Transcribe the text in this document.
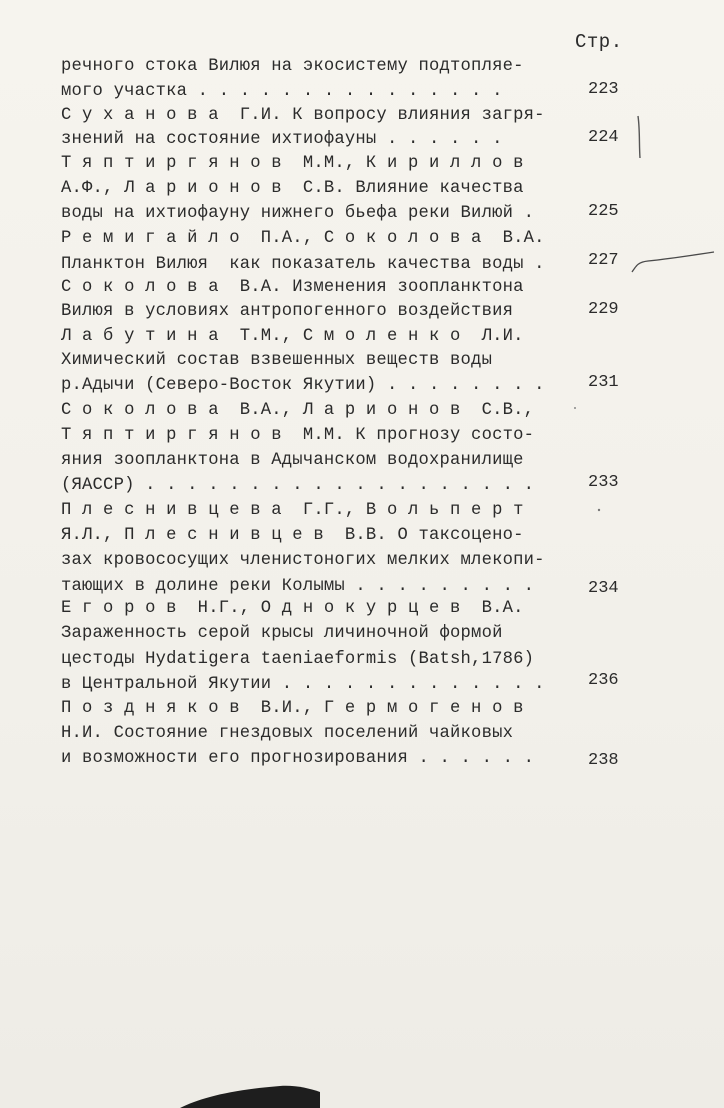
Стр.
речного стока Вилюя на экосистему подтопляе-
мого участка . . . . . . . . . . . . . . .	223
С у х а н о в а  Г.И. К вопросу влияния загря-
знений на состояние ихтиофауны . . . . . .	224
Т я п т и р г я н о в  М.М., К и р и л л о в
А.Ф., Л а р и о н о в  С.В. Влияние качества
воды на ихтиофауну нижнего бьефа реки Вилюй .	225
Р е м и г а й л о  П.А., С о к о л о в а  В.А.
Планктон Вилюя  как показатель качества воды .	227
С о к о л о в а  В.А. Изменения зоопланктона
Вилюя в условиях антропогенного воздействия	229
Л а б у т и н а  Т.М., С м о л е н к о  Л.И.
Химический состав взвешенных веществ воды
р.Адычи (Северо-Восток Якутии) . . . . . . . .	231
С о к о л о в а  В.А., Л а р и о н о в  С.В.,
Т я п т и р г я н о в  М.М. К прогнозу состо-
яния зоопланктона в Адычанском водохранилище
(ЯАССР) . . . . . . . . . . . . . . . . . . .	233
П л е с н и в ц е в а  Г.Г., В о л ь п е р т
Я.Л., П л е с н и в ц е в  В.В. О таксоцено-
зах кровососущих членистоногих мелких млекопи-
тающих в долине реки Колымы . . . . . . . . .	234
Е г о р о в  Н.Г., О д н о к у р ц е в  В.А.
Зараженность серой крысы личиночной формой
цестоды Hydatigera taeniaeformis (Batsh,1786)
в Центральной Якутии . . . . . . . . . . . . .	236
П о з д н я к о в  В.И., Г е р м о г е н о в
Н.И. Состояние гнездовых поселений чайковых
и возможности его прогнозирования . . . . . .	238
